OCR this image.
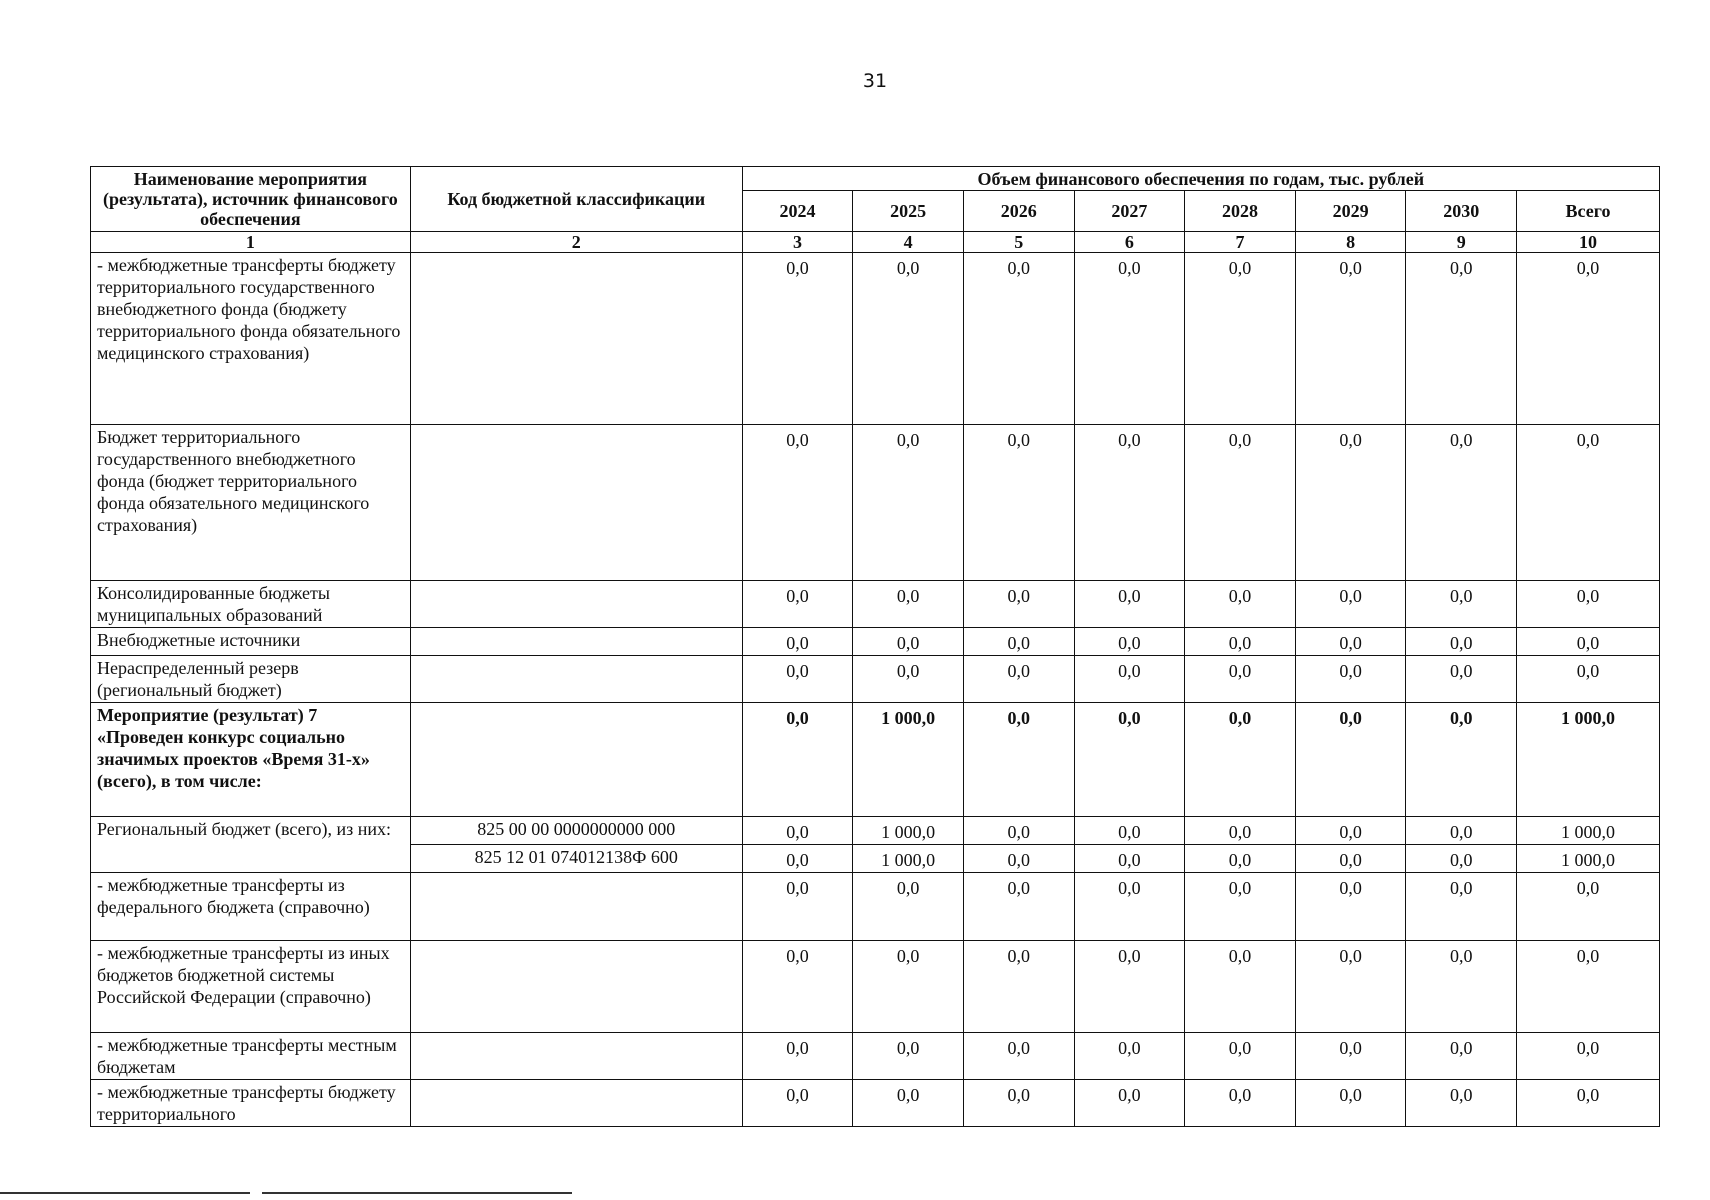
31
Наименование мероприятия (результата), источник финансового обеспечения	Код бюджетной классификации	Объем финансового обеспечения по годам, тыс. рублей							
		2024	2025	2026	2027	2028	2029	2030	Всего
1	2	3	4	5	6	7	8	9	10
- межбюджетные трансферты бюджету территориального государственного внебюджетного фонда (бюджету территориального фонда обязательного медицинского страхования)		0,0	0,0	0,0	0,0	0,0	0,0	0,0	0,0
Бюджет территориального государственного внебюджетного фонда (бюджет территориального фонда обязательного медицинского страхования)		0,0	0,0	0,0	0,0	0,0	0,0	0,0	0,0
Консолидированные бюджеты муниципальных образований		0,0	0,0	0,0	0,0	0,0	0,0	0,0	0,0
Внебюджетные источники		0,0	0,0	0,0	0,0	0,0	0,0	0,0	0,0
Нераспределенный резерв (региональный бюджет)		0,0	0,0	0,0	0,0	0,0	0,0	0,0	0,0
Мероприятие (результат) 7 «Проведен конкурс социально значимых проектов «Время 31-х» (всего), в том числе:		0,0	1 000,0	0,0	0,0	0,0	0,0	0,0	1 000,0
Региональный бюджет (всего), из них:	825 00 00 0000000000 000	0,0	1 000,0	0,0	0,0	0,0	0,0	0,0	1 000,0
	825 12 01 074012138Ф 600	0,0	1 000,0	0,0	0,0	0,0	0,0	0,0	1 000,0
- межбюджетные трансферты из федерального бюджета (справочно)		0,0	0,0	0,0	0,0	0,0	0,0	0,0	0,0
- межбюджетные трансферты из иных бюджетов бюджетной системы Российской Федерации (справочно)		0,0	0,0	0,0	0,0	0,0	0,0	0,0	0,0
- межбюджетные трансферты местным бюджетам		0,0	0,0	0,0	0,0	0,0	0,0	0,0	0,0
- межбюджетные трансферты бюджету территориального		0,0	0,0	0,0	0,0	0,0	0,0	0,0	0,0
